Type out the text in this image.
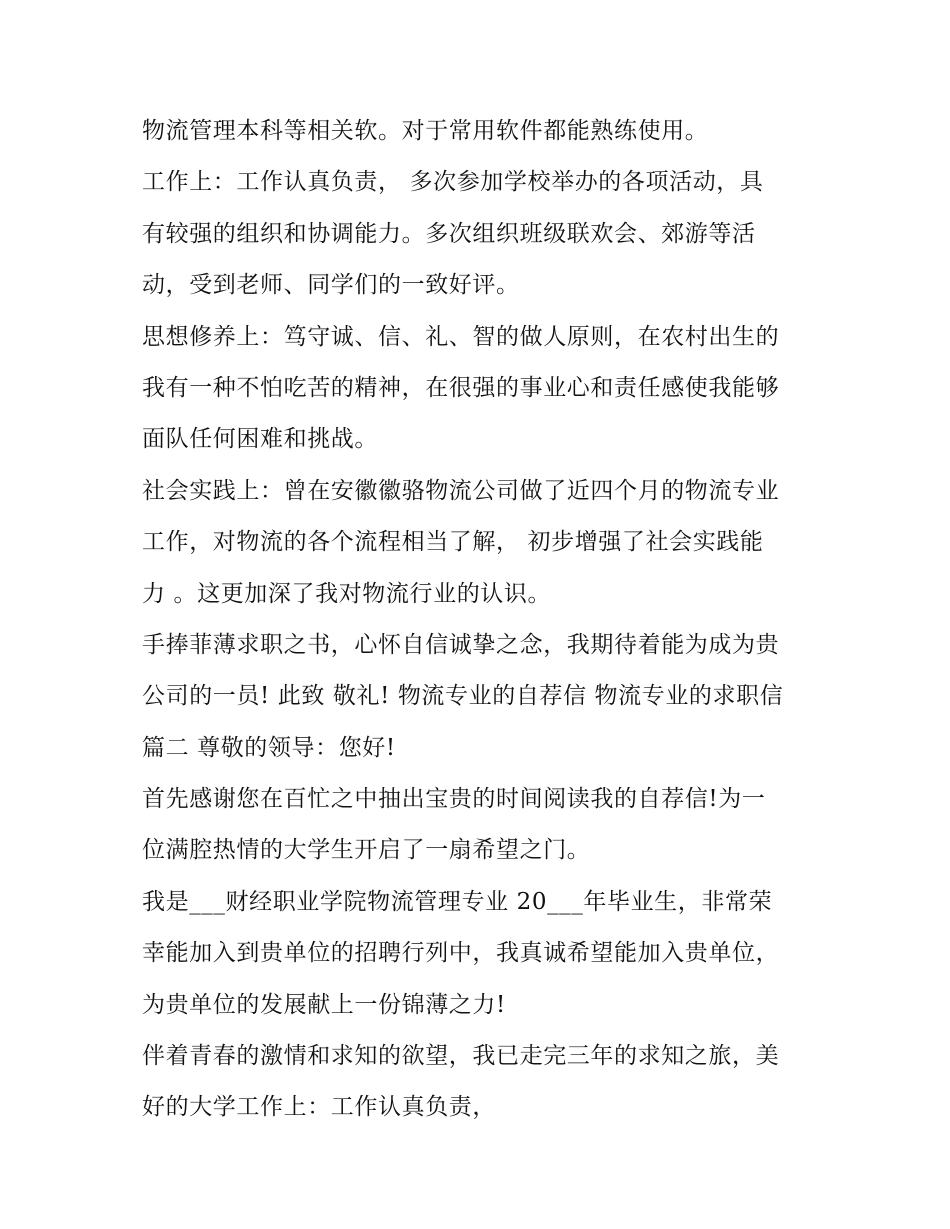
物流管理本科等相关软。对于常用软件都能熟练使用。
工作上：工作认真负责， 多次参加学校举办的各项活动，具
有较强的组织和协调能力。多次组织班级联欢会、郊游等活
动，受到老师、同学们的一致好评。
思想修养上：笃守诚、信、礼、智的做人原则，在农村出生的
我有一种不怕吃苦的精神，在很强的事业心和责任感使我能够
面队任何困难和挑战。
社会实践上：曾在安徽徽骆物流公司做了近四个月的物流专业
工作，对物流的各个流程相当了解， 初步增强了社会实践能
力 。这更加深了我对物流行业的认识。
手捧菲薄求职之书，心怀自信诚挚之念，我期待着能为成为贵
公司的一员! 此致 敬礼! 物流专业的自荐信 物流专业的求职信
篇二 尊敬的领导：您好!
首先感谢您在百忙之中抽出宝贵的时间阅读我的自荐信!为一
位满腔热情的大学生开启了一扇希望之门。
我是___财经职业学院物流管理专业 20___年毕业生，非常荣
幸能加入到贵单位的招聘行列中，我真诚希望能加入贵单位，
为贵单位的发展献上一份锦薄之力!
伴着青春的激情和求知的欲望，我已走完三年的求知之旅，美
好的大学工作上：工作认真负责，
